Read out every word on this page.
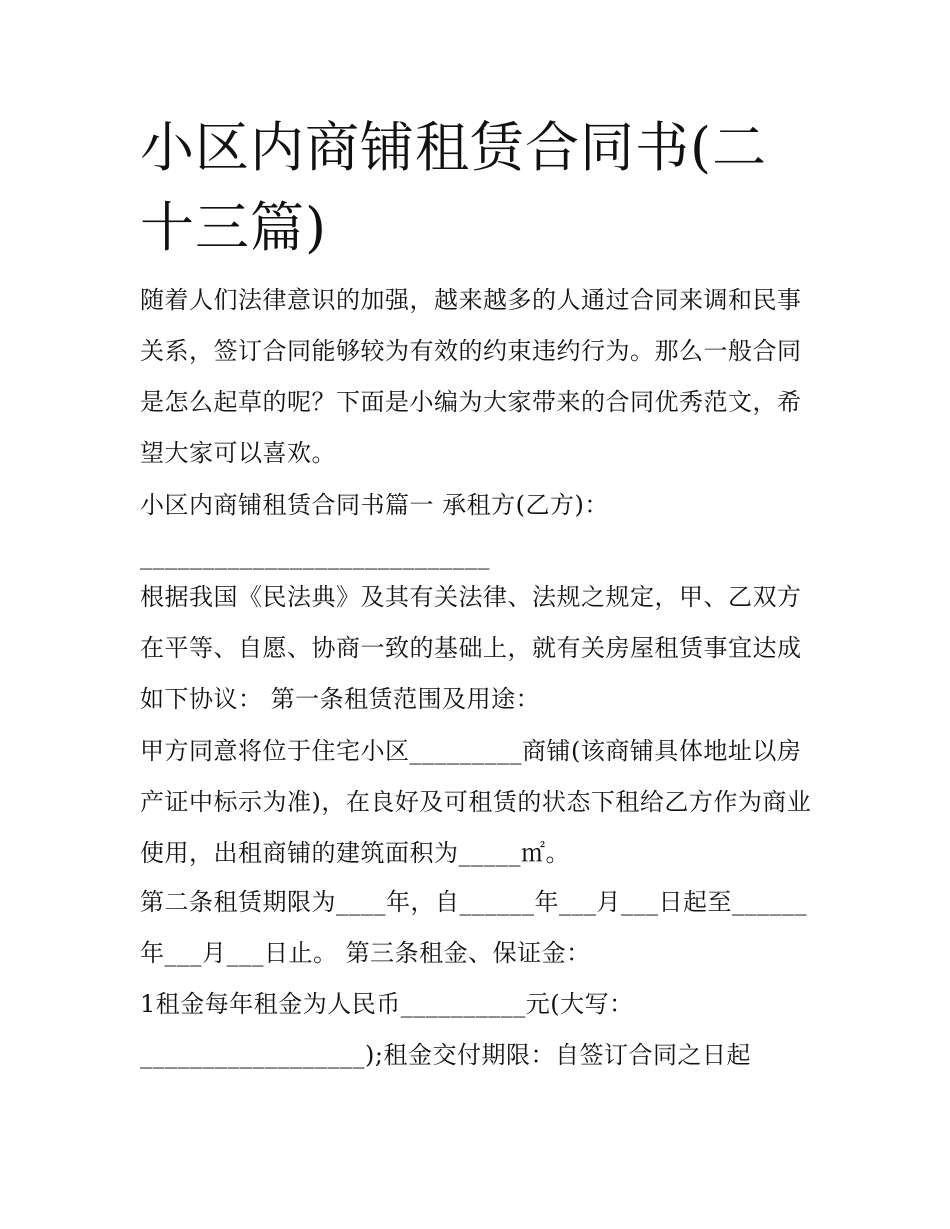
小区内商铺租赁合同书(二十三篇)

随着人们法律意识的加强，越来越多的人通过合同来调和民事关系，签订合同能够较为有效的约束违约行为。那么一般合同是怎么起草的呢？下面是小编为大家带来的合同优秀范文，希望大家可以喜欢。

小区内商铺租赁合同书篇一 承租方(乙方)：

____________________________

根据我国《民法典》及其有关法律、法规之规定，甲、乙双方在平等、自愿、协商一致的基础上，就有关房屋租赁事宜达成如下协议： 第一条租赁范围及用途：

甲方同意将位于住宅小区_________商铺(该商铺具体地址以房产证中标示为准)，在良好及可租赁的状态下租给乙方作为商业使用，出租商铺的建筑面积为_____㎡。

第二条租赁期限为____年，自______年___月___日起至______年___月___日止。 第三条租金、保证金：

1租金每年租金为人民币__________元(大写：__________________);租金交付期限：自签订合同之日起
